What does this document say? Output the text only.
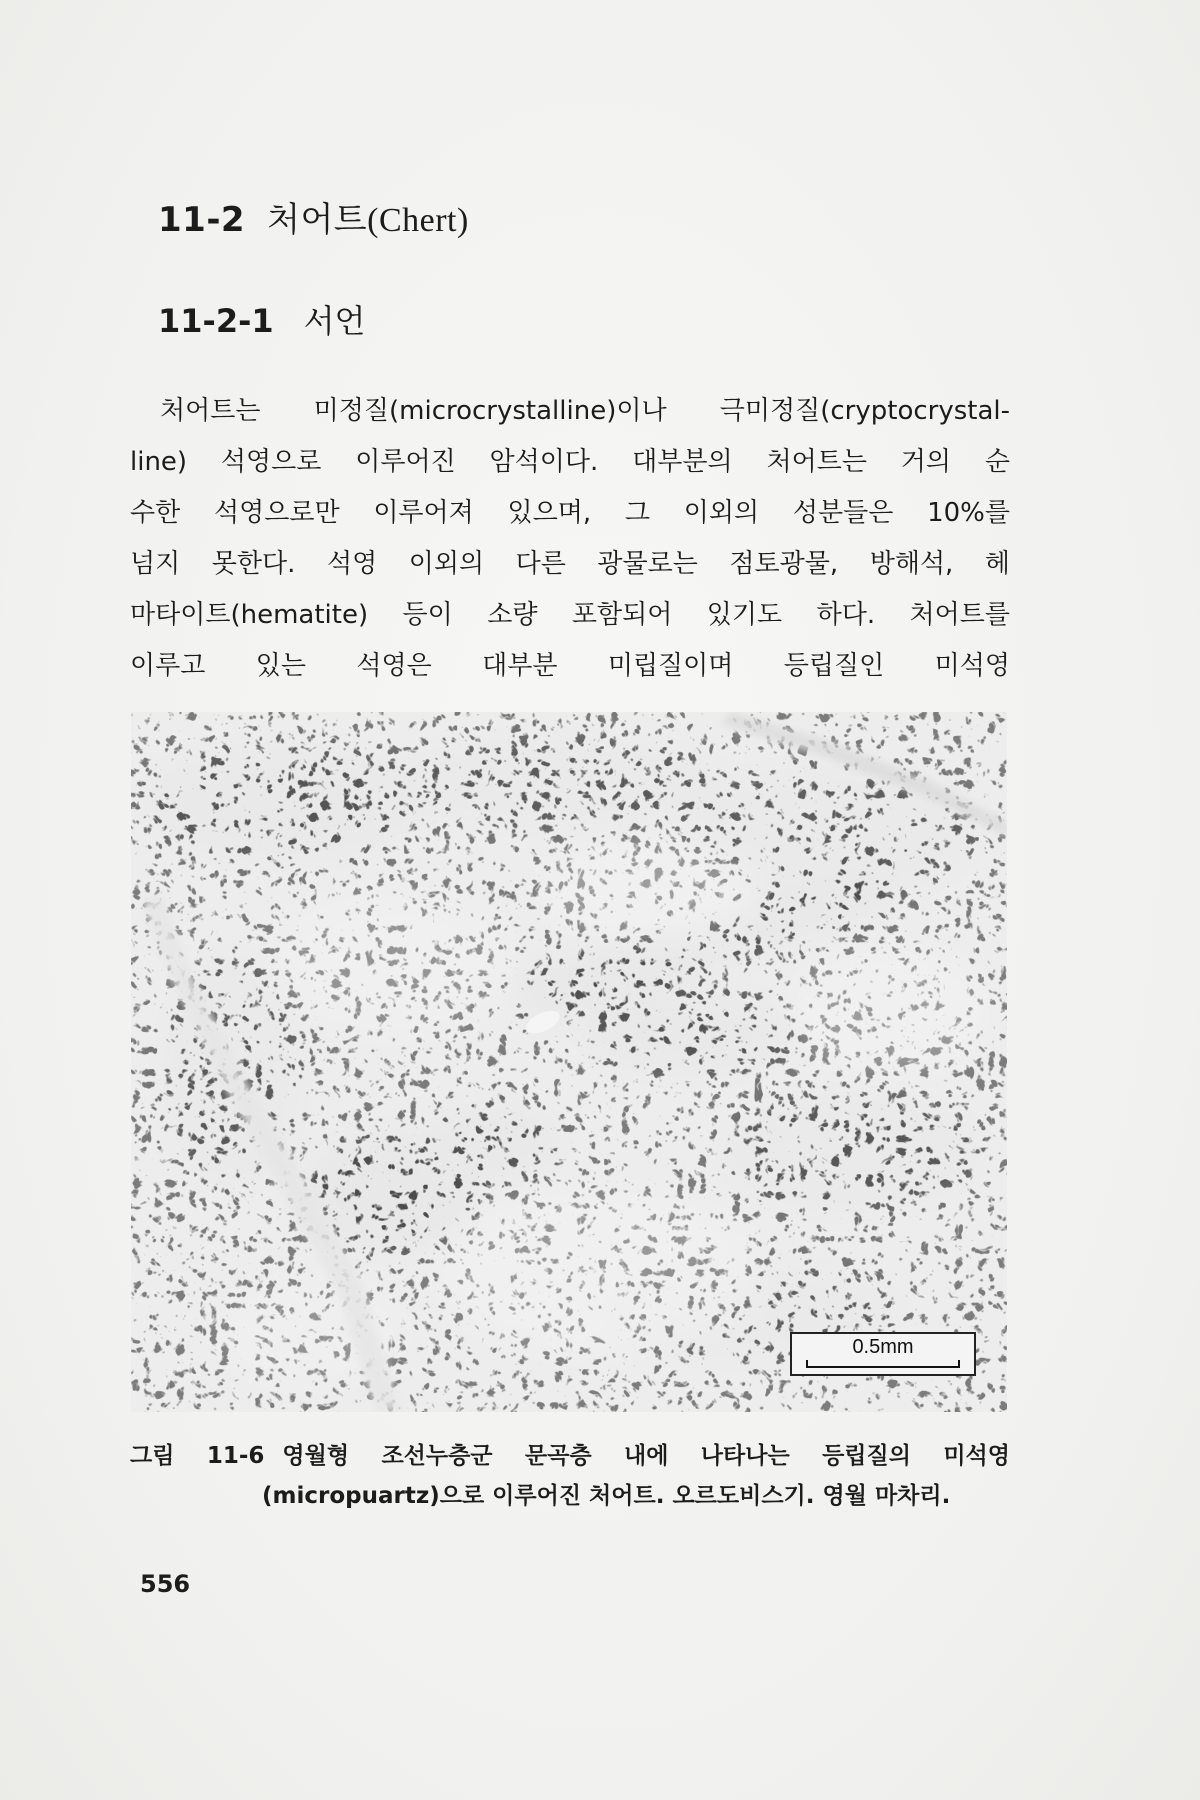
11-2 처어트(Chert)
11-2-1 서언
처어트는 미정질(microcrystalline)이나 극미정질(cryptocrystal-
line) 석영으로 이루어진 암석이다. 대부분의 처어트는 거의 순
수한 석영으로만 이루어져 있으며, 그 이외의 성분들은 10%를
넘지 못한다. 석영 이외의 다른 광물로는 점토광물, 방해석, 헤
마타이트(hematite) 등이 소량 포함되어 있기도 하다. 처어트를
이루고 있는 석영은 대부분 미립질이며 등립질인 미석영
0.5mm
그림 11-6 영월형 조선누층군 문곡층 내에 나타나는 등립질의 미석영
(micropuartz)으로 이루어진 처어트. 오르도비스기. 영월 마차리.
556
